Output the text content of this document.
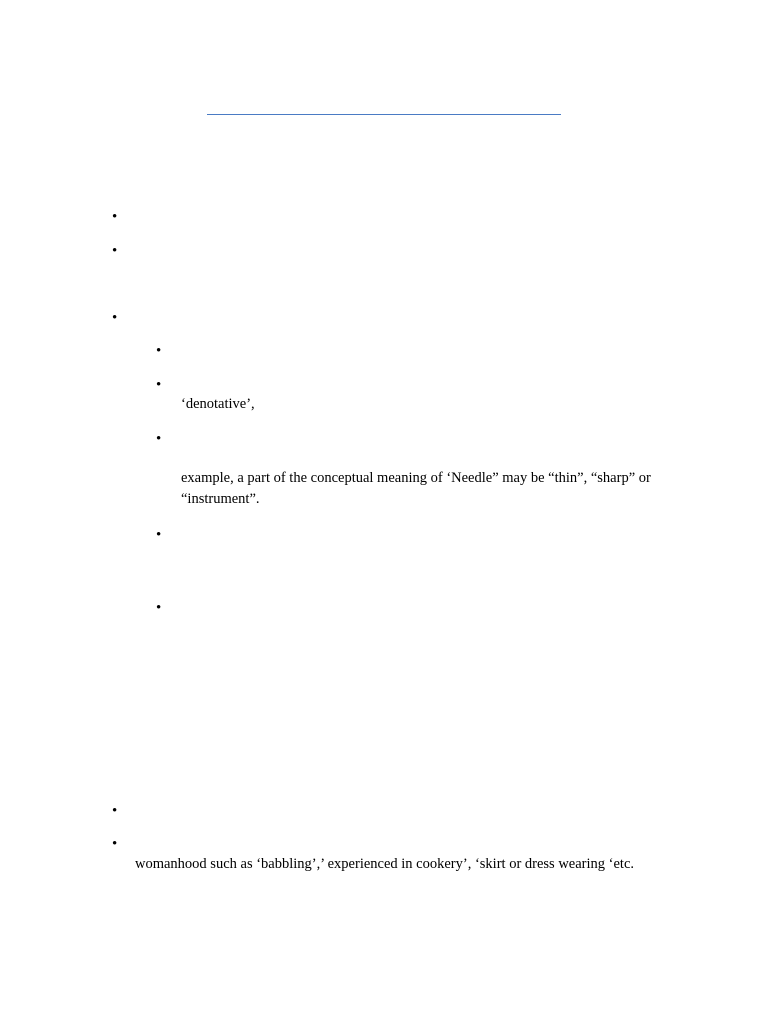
•
•
•
•
•
‘denotative’,
•
example, a part of the conceptual meaning of ‘Needle” may be “thin”, “sharp” or
“instrument”.
•
•
•
•
womanhood such as ‘babbling’,’ experienced in cookery’, ‘skirt or dress wearing ‘etc.
